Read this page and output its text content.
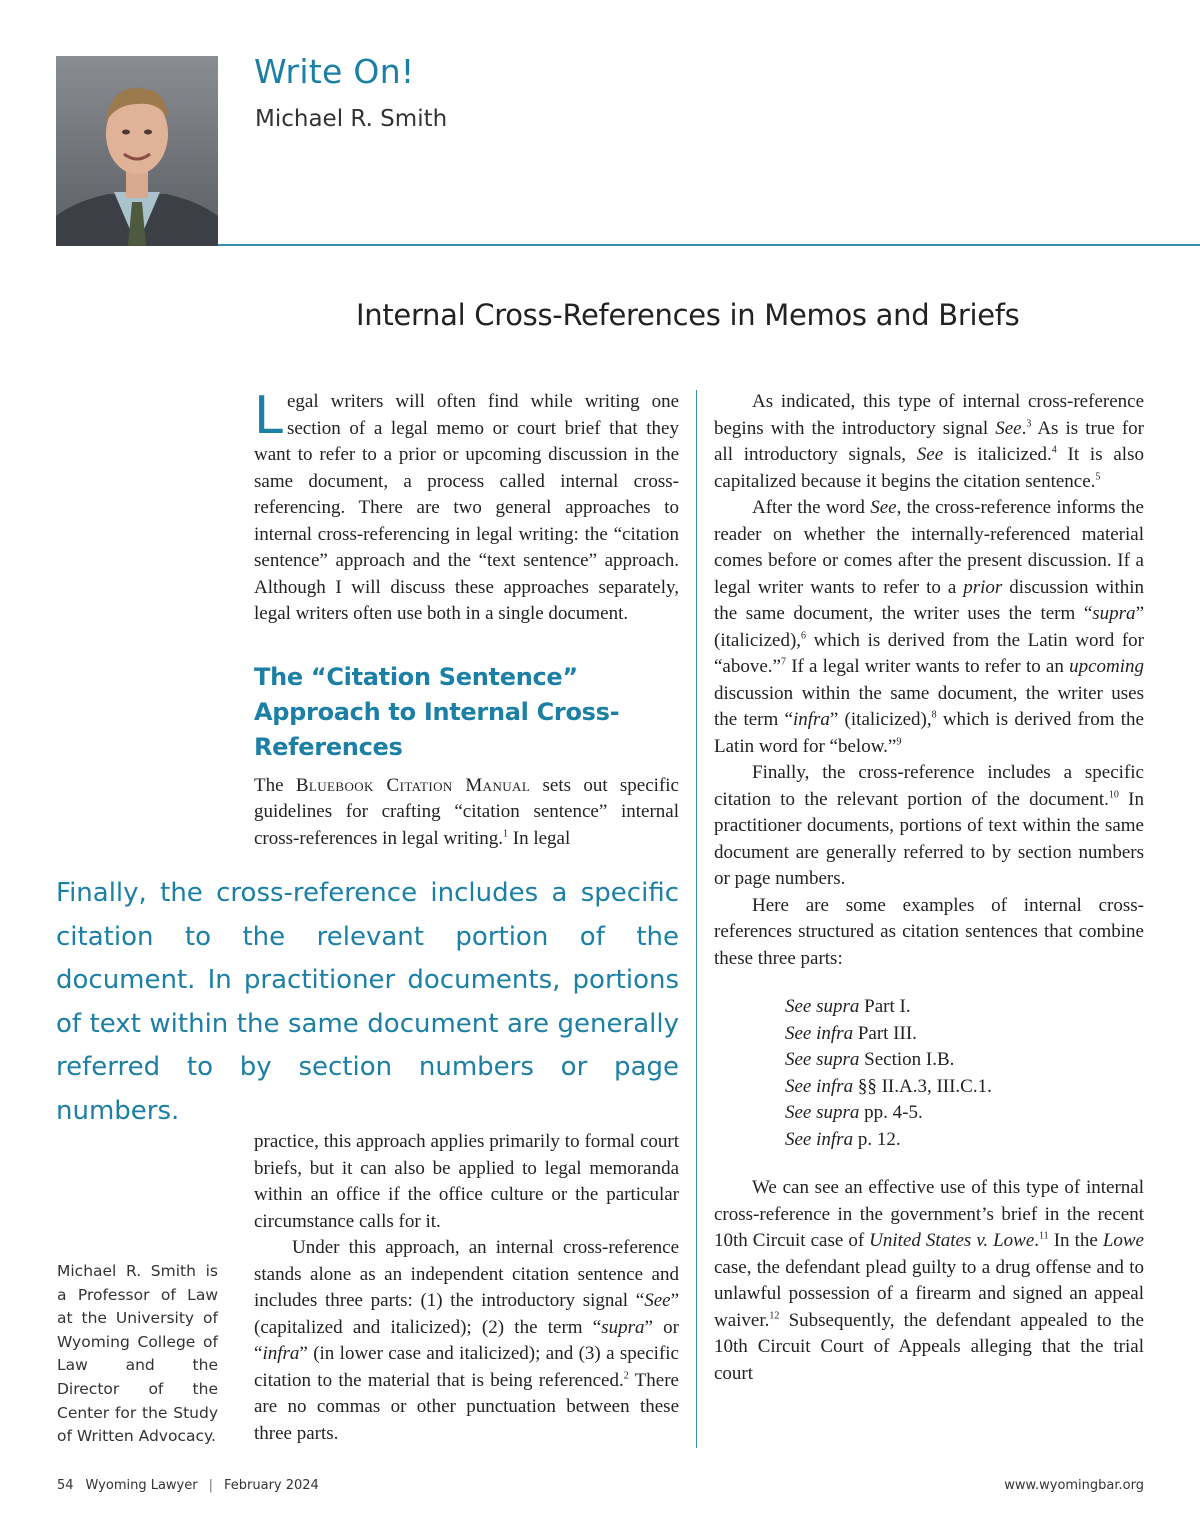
Write On!
Michael R. Smith
Internal Cross-References in Memos and Briefs

Legal writers will often find while writing one section of a legal memo or court brief that they want to refer to a prior or upcoming discussion in the same document, a process called internal cross-referencing. There are two general approaches to internal cross-referencing in legal writing: the “citation sentence” approach and the “text sentence” approach. Although I will discuss these approaches separately, legal writers often use both in a single document.

The “Citation Sentence” Approach to Internal Cross-References

The Bluebook Citation Manual sets out specific guidelines for crafting “citation sentence” internal cross-references in legal writing.$^1$ In legal

Finally, the cross-reference includes a specific citation to the relevant portion of the document. In practitioner documents, portions of text within the same document are generally referred to by section numbers or page numbers.

practice, this approach applies primarily to formal court briefs, but it can also be applied to legal memoranda within an office if the office culture or the particular circumstance calls for it.

Under this approach, an internal cross-reference stands alone as an independent citation sentence and includes three parts: (1) the introductory signal “See” (capitalized and italicized); (2) the term “supra” or “infra” (in lower case and italicized); and (3) a specific citation to the material that is being referenced.$^2$ There are no commas or other punctuation between these three parts.

Michael R. Smith is a Professor of Law at the University of Wyoming College of Law and the Director of the Center for the Study of Written Advocacy.

As indicated, this type of internal cross-reference begins with the introductory signal See.$^3$ As is true for all introductory signals, See is italicized.$^4$ It is also capitalized because it begins the citation sentence.$^5$

After the word See, the cross-reference informs the reader on whether the internally-referenced material comes before or comes after the present discussion. If a legal writer wants to refer to a prior discussion within the same document, the writer uses the term “supra” (italicized),$^6$ which is derived from the Latin word for “above.”$^7$ If a legal writer wants to refer to an upcoming discussion within the same document, the writer uses the term “infra” (italicized),$^8$ which is derived from the Latin word for “below.”$^9$

Finally, the cross-reference includes a specific citation to the relevant portion of the document.$^{10}$ In practitioner documents, portions of text within the same document are generally referred to by section numbers or page numbers.

Here are some examples of internal cross-references structured as citation sentences that combine these three parts:

See supra Part I.
See infra Part III.
See supra Section I.B.
See infra §§ II.A.3, III.C.1.
See supra pp. 4-5.
See infra p. 12.

We can see an effective use of this type of internal cross-reference in the government’s brief in the recent 10th Circuit case of United States v. Lowe.$^{11}$ In the Lowe case, the defendant plead guilty to a drug offense and to unlawful possession of a firearm and signed an appeal waiver.$^{12}$ Subsequently, the defendant appealed to the 10th Circuit Court of Appeals alleging that the trial court

54 Wyoming Lawyer | February 2024	www.wyomingbar.org
